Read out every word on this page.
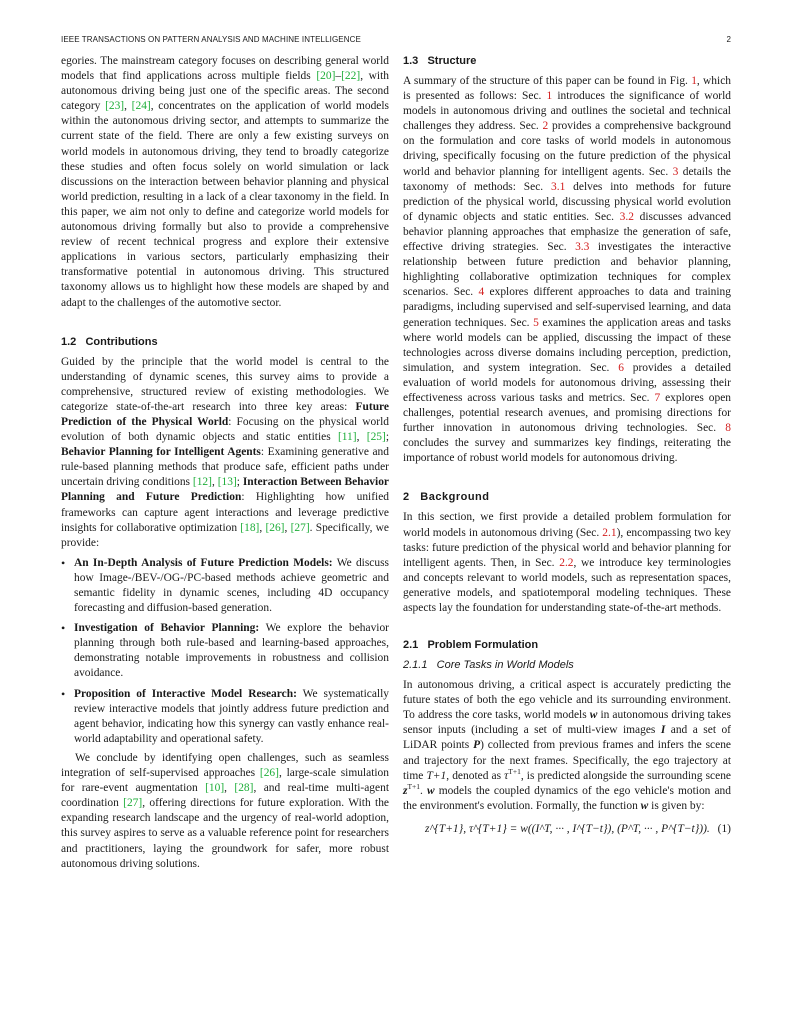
IEEE TRANSACTIONS ON PATTERN ANALYSIS AND MACHINE INTELLIGENCE	2

egories. The mainstream category focuses on describing general world models that find applications across multiple fields [20]–[22], with autonomous driving being just one of the specific areas. The second category [23], [24], concentrates on the application of world models within the autonomous driving sector, and attempts to summarize the current state of the field. There are only a few existing surveys on world models in autonomous driving, they tend to broadly categorize these studies and often focus solely on world simulation or lack discussions on the interaction between behavior planning and physical world prediction, resulting in a lack of a clear taxonomy in the field. In this paper, we aim not only to define and categorize world models for autonomous driving formally but also to provide a comprehensive review of recent technical progress and explore their extensive applications in various sectors, particularly emphasizing their transformative potential in autonomous driving. This structured taxonomy allows us to highlight how these models are shaped by and adapt to the challenges of the automotive sector.

1.2 Contributions

Guided by the principle that the world model is central to the understanding of dynamic scenes, this survey aims to provide a comprehensive, structured review of existing methodologies. We categorize state-of-the-art research into three key areas: Future Prediction of the Physical World: Focusing on the physical world evolution of both dynamic objects and static entities [11], [25]; Behavior Planning for Intelligent Agents: Examining generative and rule-based planning methods that produce safe, efficient paths under uncertain driving conditions [12], [13]; Interaction Between Behavior Planning and Future Prediction: Highlighting how unified frameworks can capture agent interactions and leverage predictive insights for collaborative optimization [18], [26], [27]. Specifically, we provide:

• An In-Depth Analysis of Future Prediction Models: We discuss how Image-/BEV-/OG-/PC-based methods achieve geometric and semantic fidelity in dynamic scenes, including 4D occupancy forecasting and diffusion-based generation.
• Investigation of Behavior Planning: We explore the behavior planning through both rule-based and learning-based approaches, demonstrating notable improvements in robustness and collision avoidance.
• Proposition of Interactive Model Research: We systematically review interactive models that jointly address future prediction and agent behavior, indicating how this synergy can vastly enhance real-world adaptability and operational safety.

We conclude by identifying open challenges, such as seamless integration of self-supervised approaches [26], large-scale simulation for rare-event augmentation [10], [28], and real-time multi-agent coordination [27], offering directions for future exploration. With the expanding research landscape and the urgency of real-world adoption, this survey aspires to serve as a valuable reference point for researchers and practitioners, laying the groundwork for safer, more robust autonomous driving solutions.

1.3 Structure

A summary of the structure of this paper can be found in Fig. 1, which is presented as follows: Sec. 1 introduces the significance of world models in autonomous driving and outlines the societal and technical challenges they address. Sec. 2 provides a comprehensive background on the formulation and core tasks of world models in autonomous driving, specifically focusing on the future prediction of the physical world and behavior planning for intelligent agents. Sec. 3 details the taxonomy of methods: Sec. 3.1 delves into methods for future prediction of the physical world, discussing physical world evolution of dynamic objects and static entities. Sec. 3.2 discusses advanced behavior planning approaches that emphasize the generation of safe, effective driving strategies. Sec. 3.3 investigates the interactive relationship between future prediction and behavior planning, highlighting collaborative optimization techniques for complex scenarios. Sec. 4 explores different approaches to data and training paradigms, including supervised and self-supervised learning, and data generation techniques. Sec. 5 examines the application areas and tasks where world models can be applied, discussing the impact of these technologies across diverse domains including perception, prediction, simulation, and system integration. Sec. 6 provides a detailed evaluation of world models for autonomous driving, assessing their effectiveness across various tasks and metrics. Sec. 7 explores open challenges, potential research avenues, and promising directions for further innovation in autonomous driving technologies. Sec. 8 concludes the survey and summarizes key findings, reiterating the importance of robust world models for autonomous driving.

2 Background

In this section, we first provide a detailed problem formulation for world models in autonomous driving (Sec. 2.1), encompassing two key tasks: future prediction of the physical world and behavior planning for intelligent agents. Then, in Sec. 2.2, we introduce key terminologies and concepts relevant to world models, such as representation spaces, generative models, and spatiotemporal modeling techniques. These aspects lay the foundation for understanding state-of-the-art methods.

2.1 Problem Formulation
2.1.1 Core Tasks in World Models

In autonomous driving, a critical aspect is accurately predicting the future states of both the ego vehicle and its surrounding environment. To address the core tasks, world models w in autonomous driving takes sensor inputs (including a set of multi-view images I and a set of LiDAR points P) collected from previous frames and infers the scene and trajectory for the next frames. Specifically, the ego trajectory at time T+1, denoted as $\tau^{T+1}$, is predicted alongside the surrounding scene $z^{T+1}$. w models the coupled dynamics of the ego vehicle's motion and the environment's evolution. Formally, the function w is given by:

z^{T+1}, τ^{T+1} = w((I^T, ··· , I^{T−t}), (P^T, ··· , P^{T−t})). (1)
